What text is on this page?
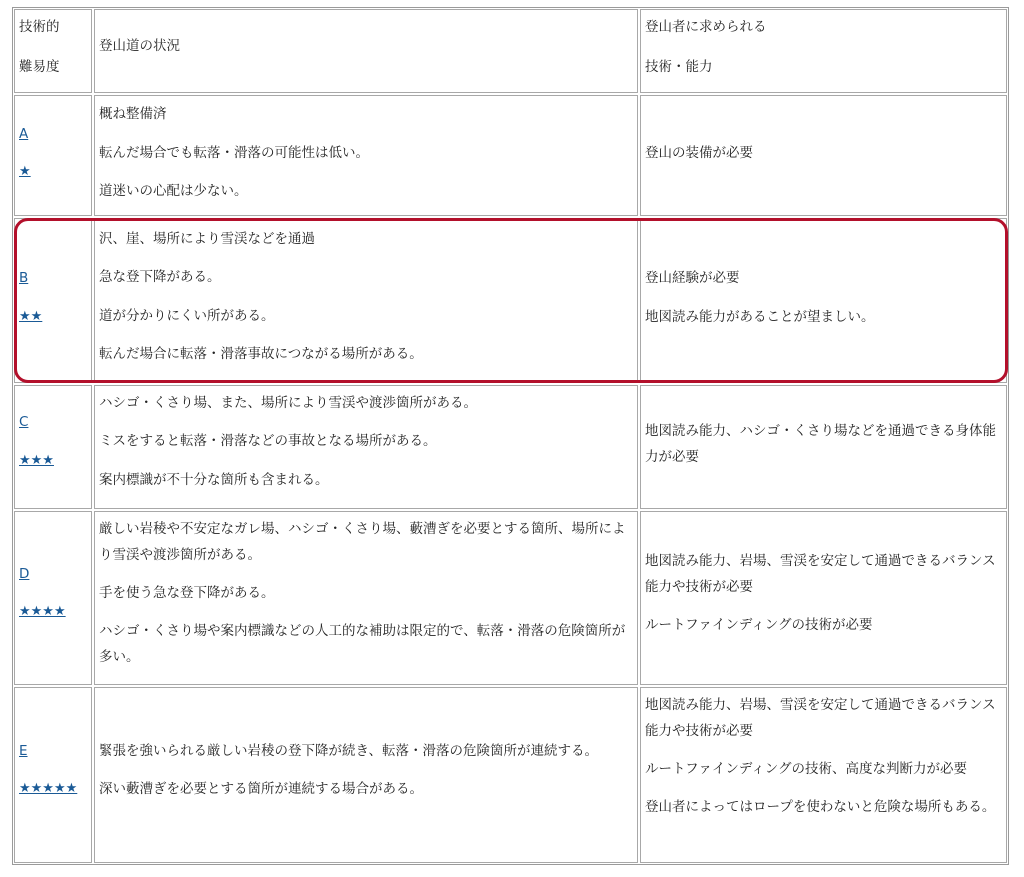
技術的
難易度
登山道の状況
登山者に求められる
技術・能力
A
★
概ね整備済
転んだ場合でも転落・滑落の可能性は低い。
道迷いの心配は少ない。
登山の装備が必要
B
★★
沢、崖、場所により雪渓などを通過
急な登下降がある。
道が分かりにくい所がある。
転んだ場合に転落・滑落事故につながる場所がある。
登山経験が必要
地図読み能力があることが望ましい。
C
★★★
ハシゴ・くさり場、また、場所により雪渓や渡渉箇所がある。
ミスをすると転落・滑落などの事故となる場所がある。
案内標識が不十分な箇所も含まれる。
地図読み能力、ハシゴ・くさり場などを通過できる身体能力が必要
D
★★★★
厳しい岩稜や不安定なガレ場、ハシゴ・くさり場、藪漕ぎを必要とする箇所、場所により雪渓や渡渉箇所がある。
手を使う急な登下降がある。
ハシゴ・くさり場や案内標識などの人工的な補助は限定的で、転落・滑落の危険箇所が多い。
地図読み能力、岩場、雪渓を安定して通過できるバランス能力や技術が必要
ルートファインディングの技術が必要
E
★★★★★
緊張を強いられる厳しい岩稜の登下降が続き、転落・滑落の危険箇所が連続する。
深い藪漕ぎを必要とする箇所が連続する場合がある。
地図読み能力、岩場、雪渓を安定して通過できるバランス能力や技術が必要
ルートファインディングの技術、高度な判断力が必要
登山者によってはロープを使わないと危険な場所もある。
